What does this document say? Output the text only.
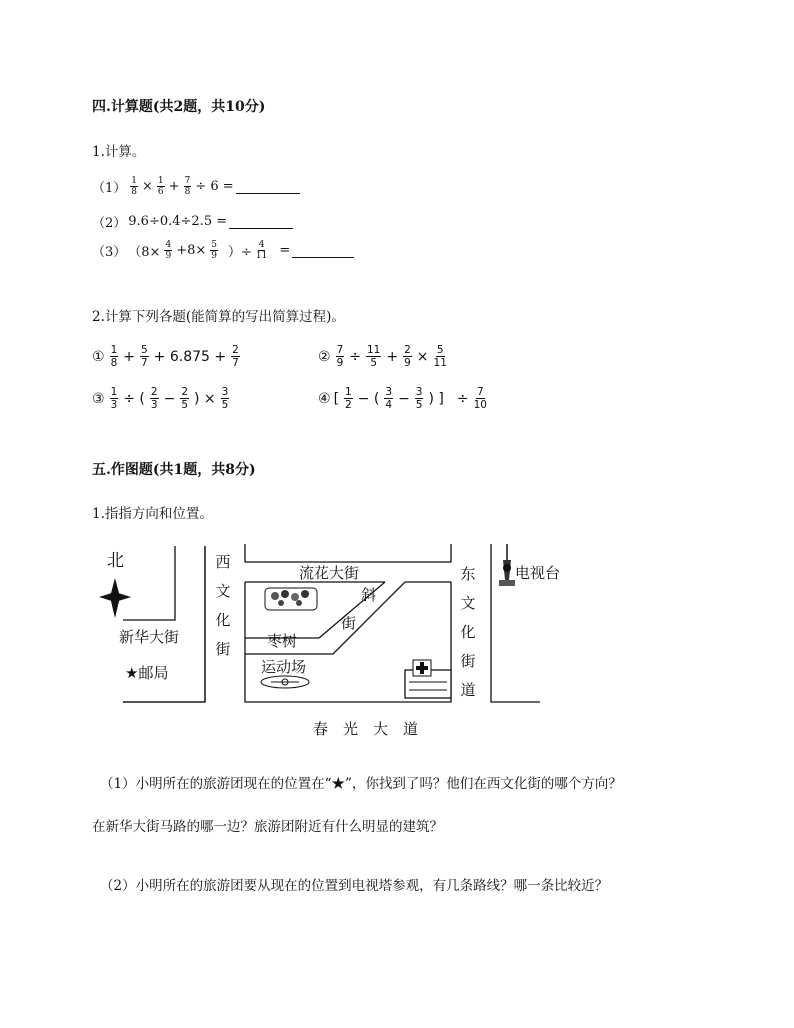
四.计算题(共2题，共10分)
1.计算。
$(1) \frac{1}{8} \times \frac{1}{6} + \frac{7}{8} \div 6$ =
（2） 9.6÷0.4÷2.5 =
（3） （$8\times \frac{4}{9} +8\times \frac{5}{9}$ ）÷ $\frac{4}{11}$ =
2.计算下列各题(能简算的写出简算过程)。
① $\frac{1}{8} + \frac{5}{7} + 6.875 + \frac{2}{7}$	② $\frac{7}{9} \div \frac{11}{5} + \frac{2}{9} \times \frac{5}{11}$
③ $\frac{1}{3}$ ÷ ( $\frac{2}{3} - \frac{2}{5}$ ) × $\frac{3}{5}$	④ [ $\frac{1}{2}$ − ( $\frac{3}{4} - \frac{3}{5}$ ) ] ÷ $\frac{7}{10}$
五.作图题(共1题，共8分)
1.指指方向和位置。
北
新华大街
★邮局
西
文
化
街
流花大街
斜
街
枣树
运动场
东
文
化
街
道
电视台
春　光　大　道
（1）小明所在的旅游团现在的位置在“★”，你找到了吗？他们在西文化街的哪个方向？
在新华大街马路的哪一边？旅游团附近有什么明显的建筑？
（2）小明所在的旅游团要从现在的位置到电视塔参观，有几条路线？哪一条比较近？
